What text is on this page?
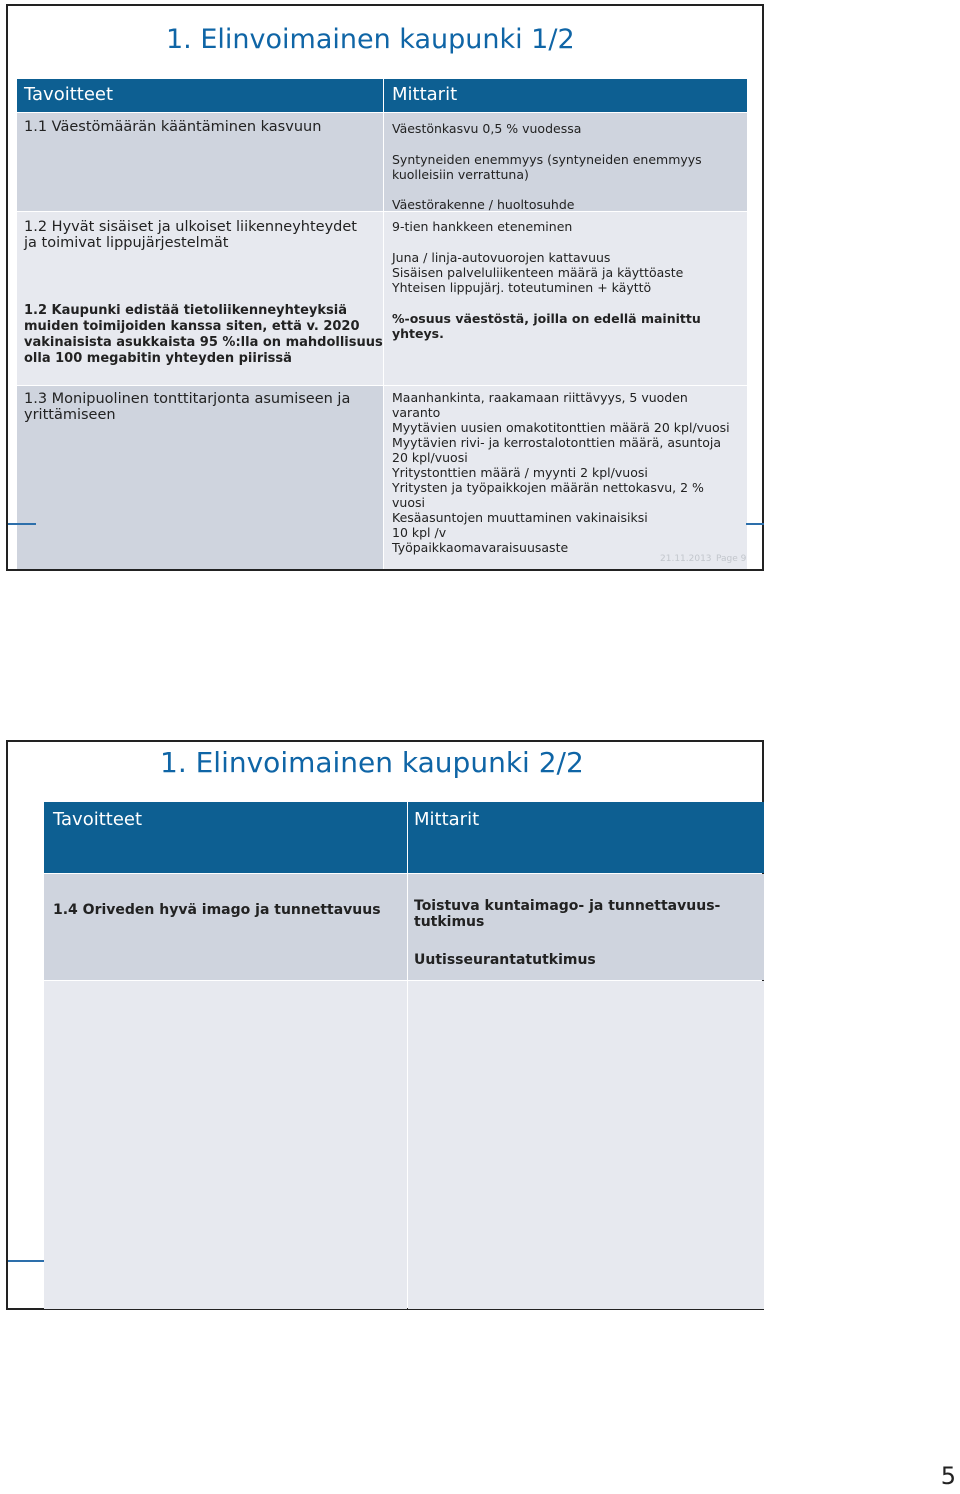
1. Elinvoimainen kaupunki 1/2
Tavoitteet	Mittarit
1.1 Väestömäärän kääntäminen kasvuun
1.2 Hyvät sisäiset ja ulkoiset liikenneyhteydet
ja toimivat lippujärjestelmät
1.2 Kaupunki edistää tietoliikenneyhteyksiä
muiden toimijoiden kanssa siten, että v. 2020
vakinaisista asukkaista 95 %:lla on mahdollisuus
olla 100 megabitin yhteyden piirissä
1.3 Monipuolinen tonttitarjonta asumiseen ja
yrittämiseen
Väestönkasvu 0,5 % vuodessa
Syntyneiden enemmyys (syntyneiden enemmyys
kuolleisiin verrattuna)
Väestörakenne / huoltosuhde
9-tien hankkeen eteneminen
Juna / linja-autovuorojen kattavuus
Sisäisen palveluliikenteen määrä ja käyttöaste
Yhteisen lippujärj. toteutuminen + käyttö
%-osuus väestöstä, joilla on edellä mainittu
yhteys.
Maanhankinta, raakamaan riittävyys, 5 vuoden
varanto
Myytävien uusien omakotitonttien määrä 20 kpl/vuosi
Myytävien rivi- ja kerrostalotonttien määrä, asuntoja
20 kpl/vuosi
Yritystonttien määrä / myynti 2 kpl/vuosi
Yritysten ja työpaikkojen määrän nettokasvu, 2 %
vuosi
Kesäasuntojen muuttaminen vakinaisiksi
10 kpl /v
Työpaikkaomavaraisuusaste
21.11.2013 Page 9
1. Elinvoimainen kaupunki 2/2
Tavoitteet	Mittarit
1.4 Oriveden hyvä imago ja tunnettavuus Toistuva kuntaimago- ja tunnettavuus-
tutkimus
Uutisseurantatutkimus
5
